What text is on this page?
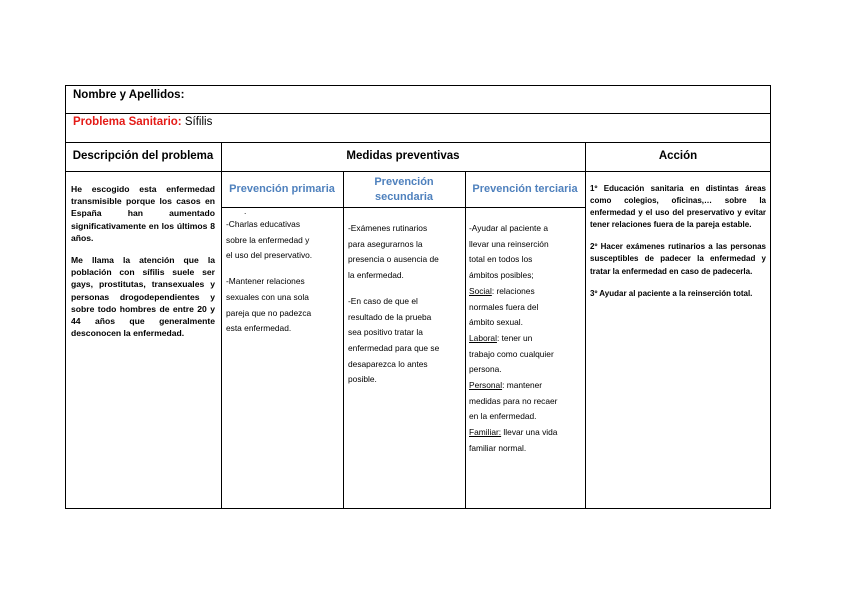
Nombre y Apellidos:
Problema Sanitario: Sífilis
Descripción del problema	Medidas preventivas	Acción
Prevención primaria
Prevención
secundaria
Prevención terciaria

He escogido esta enfermedad transmisible porque los casos en España han aumentado significativamente en los últimos 8 años.

Me llama la atención que la población con sífilis suele ser gays, prostitutas, transexuales y personas drogodependientes y sobre todo hombres de entre 20 y 44 años que generalmente desconocen la enfermedad.

.

-Charlas educativas

sobre la enfermedad y

el uso del preservativo.

-Mantener relaciones

sexuales con una sola

pareja que no padezca

esta enfermedad.

-Exámenes rutinarios

para asegurarnos la

presencia o ausencia de

la enfermedad.

-En caso de que el

resultado de la prueba

sea positivo tratar la

enfermedad para que se

desaparezca lo antes

posible.

-Ayudar al paciente a

llevar una reinserción

total en todos los

ámbitos posibles;

Social: relaciones

normales fuera del

ámbito sexual.

Laboral: tener un

trabajo como cualquier

persona.

Personal: mantener

medidas para no recaer

en la enfermedad.

Familiar: llevar una vida

familiar normal.

1º Educación sanitaria en distintas áreas como colegios, oficinas,… sobre la enfermedad y el uso del preservativo y evitar tener relaciones fuera de la pareja estable.

2º Hacer exámenes rutinarios a las personas susceptibles de padecer la enfermedad y tratar la enfermedad en caso de padecerla.

3º Ayudar al paciente a la reinserción total.
